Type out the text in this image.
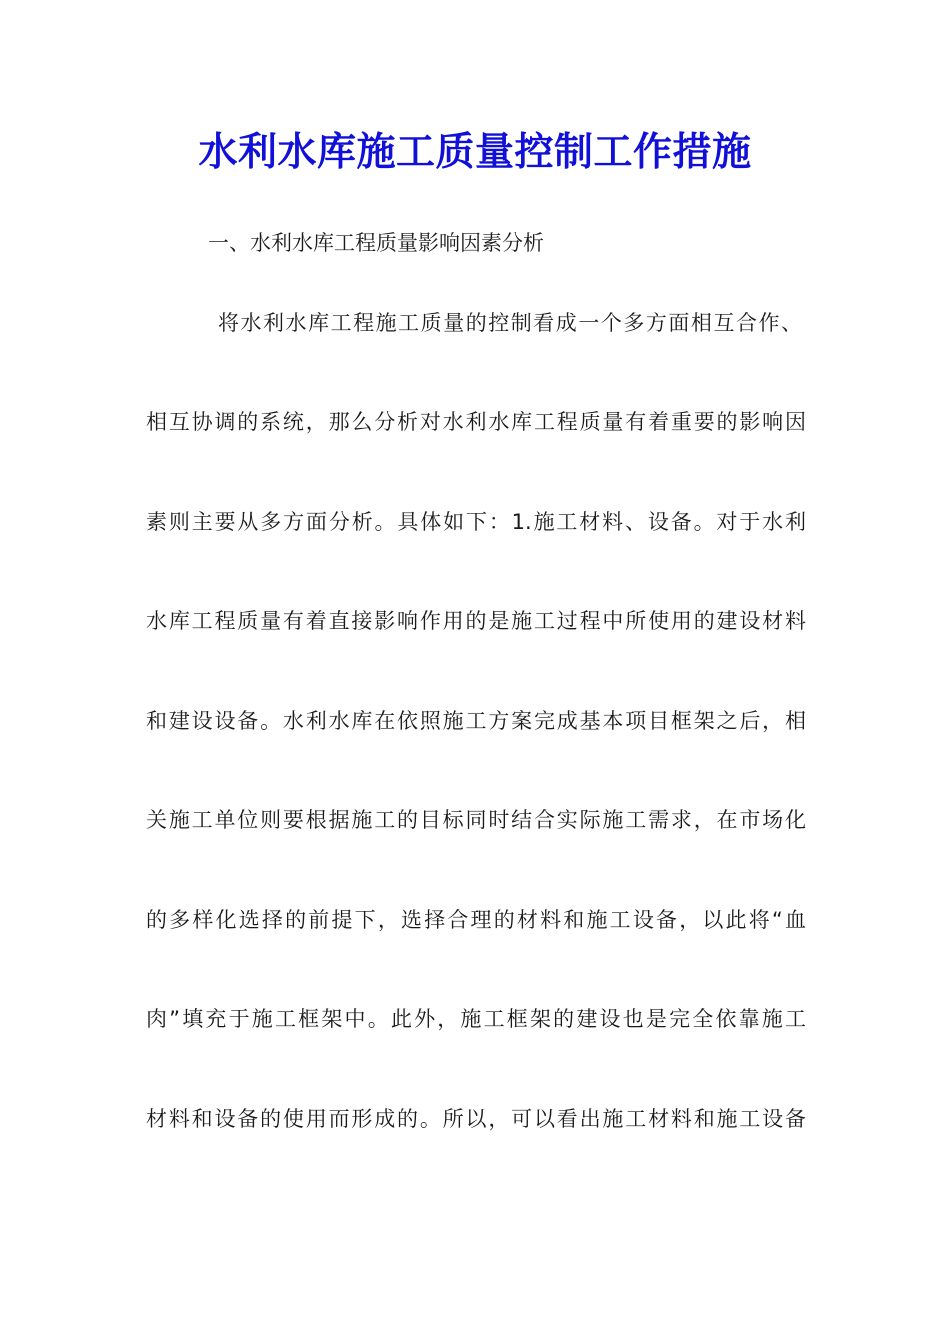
水利水库施工质量控制工作措施
一、水利水库工程质量影响因素分析
将水利水库工程施工质量的控制看成一个多方面相互合作、
相互协调的系统，那么分析对水利水库工程质量有着重要的影响因
素则主要从多方面分析。具体如下：1.施工材料、设备。对于水利
水库工程质量有着直接影响作用的是施工过程中所使用的建设材料
和建设设备。水利水库在依照施工方案完成基本项目框架之后，相
关施工单位则要根据施工的目标同时结合实际施工需求，在市场化
的多样化选择的前提下，选择合理的材料和施工设备，以此将“血
肉”填充于施工框架中。此外，施工框架的建设也是完全依靠施工
材料和设备的使用而形成的。所以，可以看出施工材料和施工设备
